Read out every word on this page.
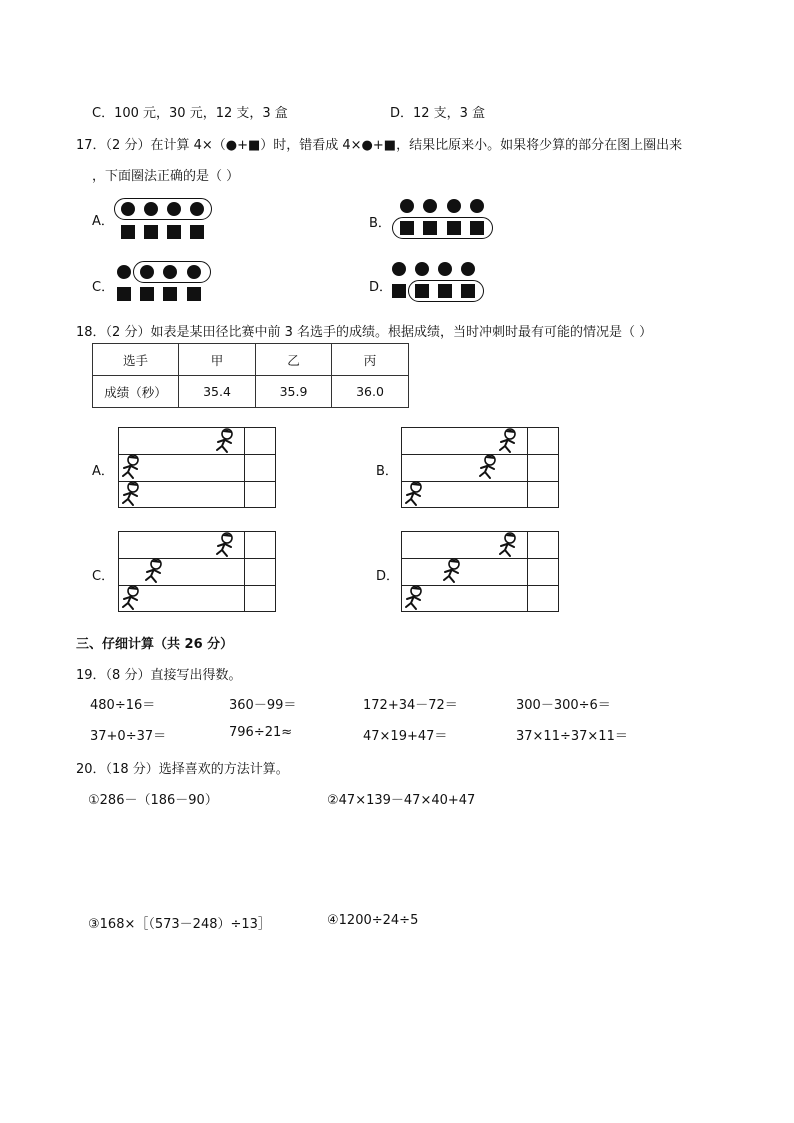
C．100 元，30 元，12 支，3 盒	D．12 支，3 盒
17．（2 分）在计算 4×（●+■）时，错看成 4×●+■，结果比原来小。如果将少算的部分在图上圈出来
，下面圈法正确的是（ ）
A．	B．
C．	D．
18．（2 分）如表是某田径比赛中前 3 名选手的成绩。根据成绩，当时冲刺时最有可能的情况是（ ）
选手	甲	乙	丙
成绩（秒）	35.4	35.9	36.0
A．	B．
C．	D．
三、仔细计算（共 26 分）
19．（8 分）直接写出得数。
480÷16＝	360－99＝	172+34－72＝	300－300÷6＝
37+0÷37＝	796÷21≈	47×19+47＝	37×11÷37×11＝
20．（18 分）选择喜欢的方法计算。
①286－（186－90）	②47×139－47×40+47
③168×［（573－248）÷13］	④1200÷24÷5
